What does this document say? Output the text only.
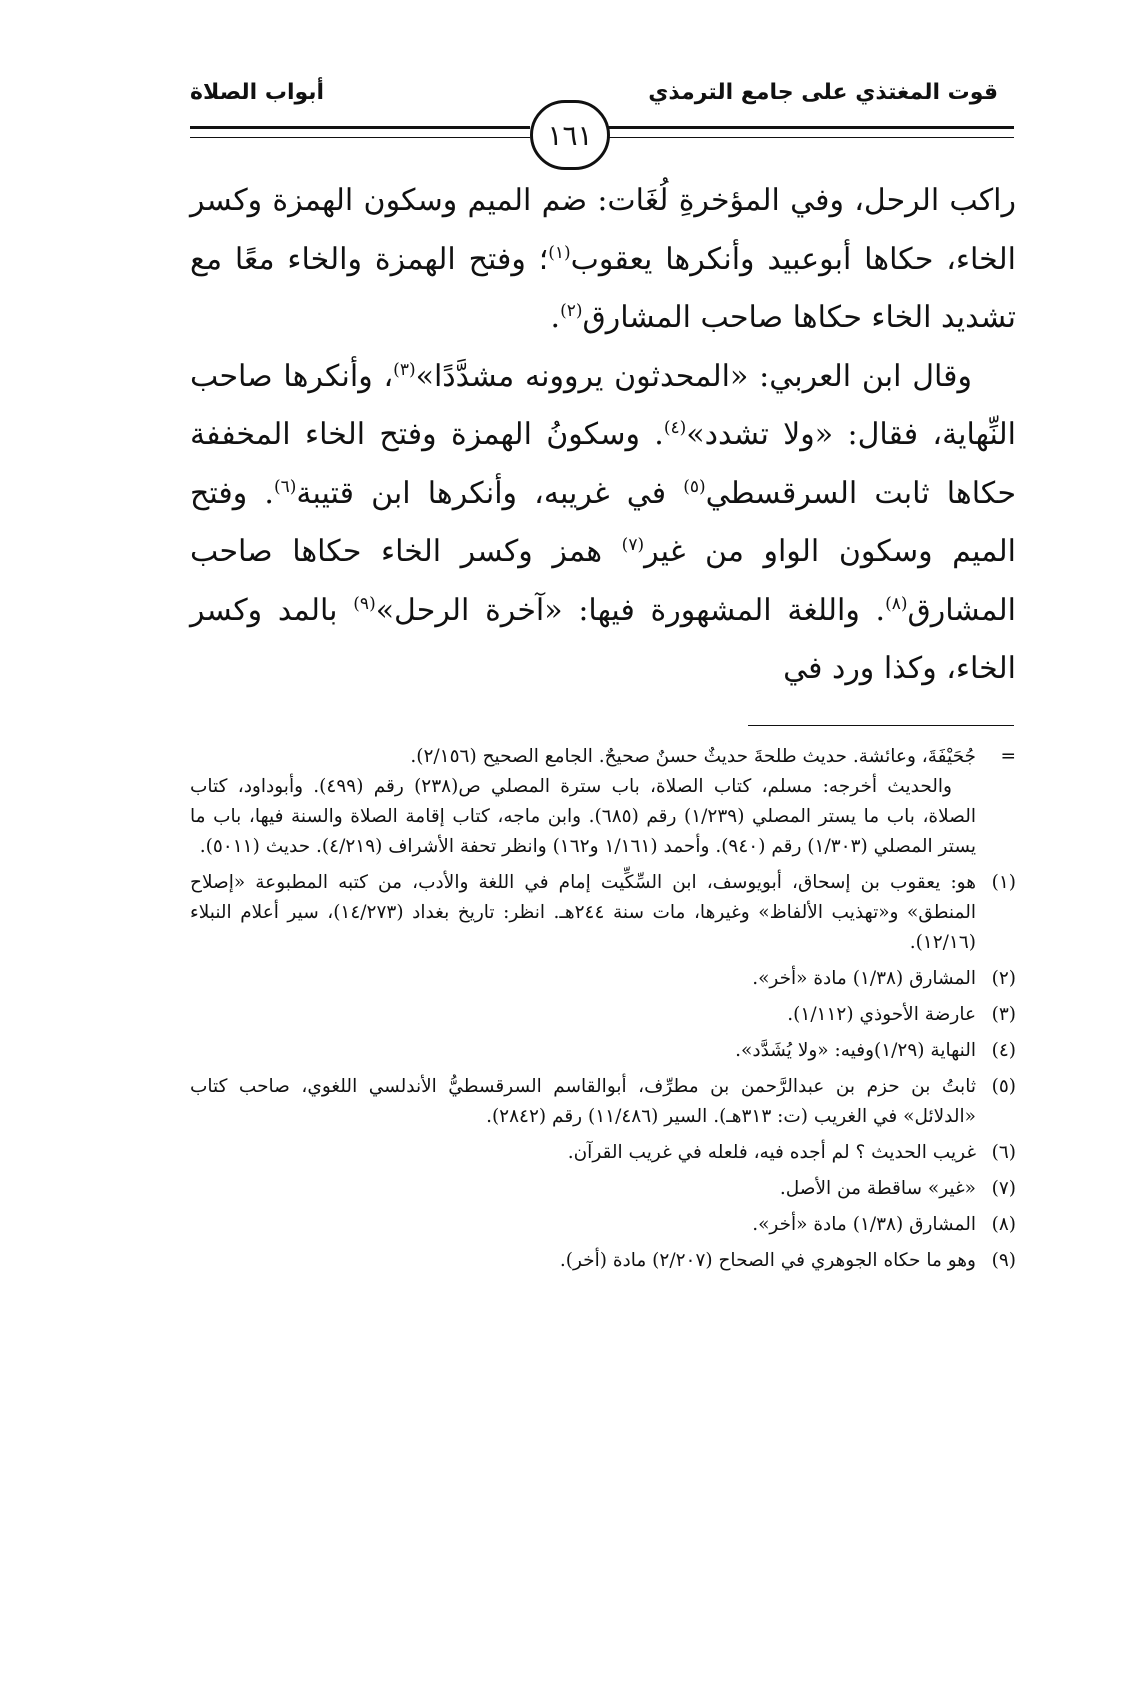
قوت المغتذي على جامع الترمذي
أبواب الصلاة
١٦١

راكب الرحل، وفي المؤخرةِ لُغَات: ضم الميم وسكون الهمزة وكسر الخاء، حكاها أبوعبيد وأنكرها يعقوب$^{(١)}$؛ وفتح الهمزة والخاء معًا مع تشديد الخاء حكاها صاحب المشارق$^{(٢)}$.

وقال ابن العربي: «المحدثون يروونه مشدَّدًا»$^{(٣)}$، وأنكرها صاحب النِّهاية، فقال: «ولا تشدد»$^{(٤)}$. وسكونُ الهمزة وفتح الخاء المخففة حكاها ثابت السرقسطي$^{(٥)}$ في غريبه، وأنكرها ابن قتيبة$^{(٦)}$. وفتح الميم وسكون الواو من غير$^{(٧)}$ همز وكسر الخاء حكاها صاحب المشارق$^{(٨)}$. واللغة المشهورة فيها: «آخرة الرحل»$^{(٩)}$ بالمد وكسر الخاء، وكذا ورد في

=

جُحَيْفَةَ، وعائشة. حديث طلحةَ حديثٌ حسنٌ صحيحٌ. الجامع الصحيح (٢/١٥٦).

والحديث أخرجه: مسلم، كتاب الصلاة، باب سترة المصلي ص(٢٣٨) رقم (٤٩٩). وأبوداود، كتاب الصلاة، باب ما يستر المصلي (١/٢٣٩) رقم (٦٨٥). وابن ماجه، كتاب إقامة الصلاة والسنة فيها، باب ما يستر المصلي (١/٣٠٣) رقم (٩٤٠). وأحمد (١/١٦١ و١٦٢) وانظر تحفة الأشراف (٤/٢١٩). حديث (٥٠١١).

(١)
هو: يعقوب بن إسحاق، أبويوسف، ابن السِّكِّيت إمام في اللغة والأدب، من كتبه المطبوعة «إصلاح المنطق» و«تهذيب الألفاظ» وغيرها، مات سنة ٢٤٤هـ. انظر: تاريخ بغداد (١٤/٢٧٣)، سير أعلام النبلاء (١٢/١٦).
(٢)
المشارق (١/٣٨) مادة «أخر».
(٣)
عارضة الأحوذي (١/١١٢).
(٤)
النهاية (١/٢٩)وفيه: «ولا يُشَدَّد».
(٥)
ثابتُ بن حزم بن عبدالرَّحمن بن مطرِّف، أبوالقاسم السرقسطيُّ الأندلسي اللغوي، صاحب كتاب «الدلائل» في الغريب (ت: ٣١٣هـ). السير (١١/٤٨٦) رقم (٢٨٤٢).
(٦)
غريب الحديث ؟ لم أجده فيه، فلعله في غريب القرآن.
(٧)
«غير» ساقطة من الأصل.
(٨)
المشارق (١/٣٨) مادة «أخر».
(٩)
وهو ما حكاه الجوهري في الصحاح (٢/٢٠٧) مادة (أخر).
